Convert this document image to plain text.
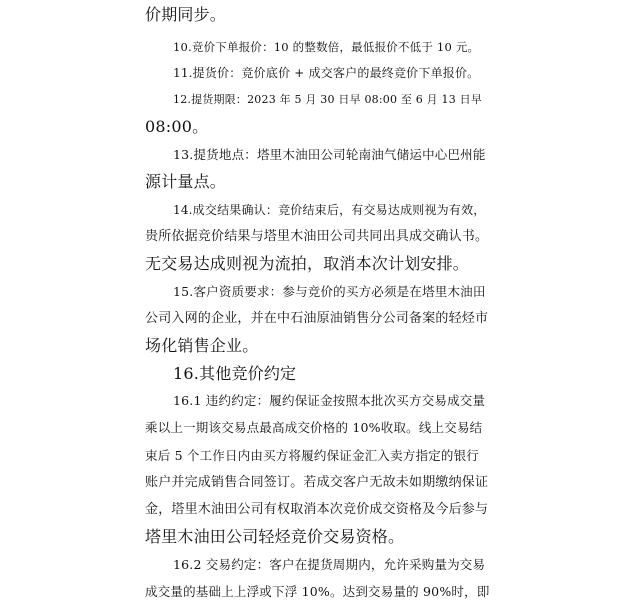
价期同步。
10.竞价下单报价：10 的整数倍，最低报价不低于 10 元。
11.提货价：竞价底价 + 成交客户的最终竞价下单报价。
12.提货期限：2023 年 5 月 30 日早 08:00 至 6 月 13 日早
08:00。
13.提货地点：塔里木油田公司轮南油气储运中心巴州能
源计量点。
14.成交结果确认：竞价结束后，有交易达成则视为有效，
贵所依据竞价结果与塔里木油田公司共同出具成交确认书。
无交易达成则视为流拍，取消本次计划安排。
15.客户资质要求：参与竞价的买方必须是在塔里木油田
公司入网的企业，并在中石油原油销售分公司备案的轻烃市
场化销售企业。
16.其他竞价约定
16.1 违约约定：履约保证金按照本批次买方交易成交量
乘以上一期该交易点最高成交价格的 10%收取。线上交易结
束后 5 个工作日内由买方将履约保证金汇入卖方指定的银行
账户并完成销售合同签订。若成交客户无故未如期缴纳保证
金，塔里木油田公司有权取消本次竞价成交资格及今后参与
塔里木油田公司轻烃竞价交易资格。
16.2 交易约定：客户在提货周期内，允许采购量为交易
成交量的基础上上浮或下浮 10%。达到交易量的 90%时，即
